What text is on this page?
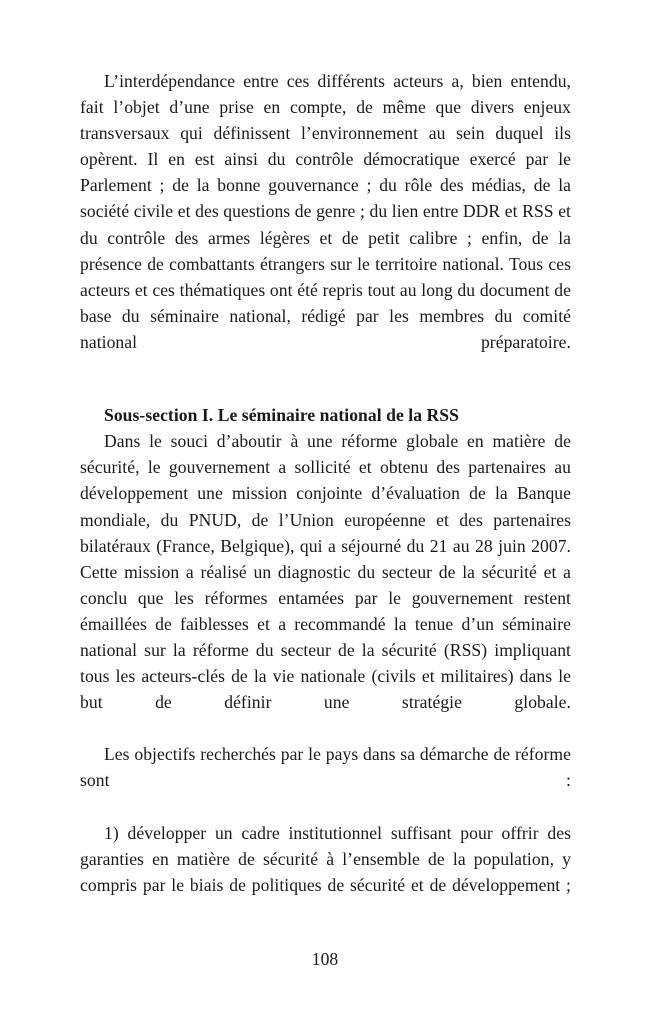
L’interdépendance entre ces différents acteurs a, bien entendu, fait l’objet d’une prise en compte, de même que divers enjeux transversaux qui définissent l’environnement au sein duquel ils opèrent. Il en est ainsi du contrôle démocratique exercé par le Parlement ; de la bonne gouvernance ; du rôle des médias, de la société civile et des questions de genre ; du lien entre DDR et RSS et du contrôle des armes légères et de petit calibre ; enfin, de la présence de combattants étrangers sur le territoire national. Tous ces acteurs et ces thématiques ont été repris tout au long du document de base du séminaire national, rédigé par les membres du comité national préparatoire.

Sous-section I. Le séminaire national de la RSS

Dans le souci d’aboutir à une réforme globale en matière de sécurité, le gouvernement a sollicité et obtenu des partenaires au développement une mission conjointe d’évaluation de la Banque mondiale, du PNUD, de l’Union européenne et des partenaires bilatéraux (France, Belgique), qui a séjourné du 21 au 28 juin 2007. Cette mission a réalisé un diagnostic du secteur de la sécurité et a conclu que les réformes entamées par le gouvernement restent émaillées de faiblesses et a recommandé la tenue d’un séminaire national sur la réforme du secteur de la sécurité (RSS) impliquant tous les acteurs-clés de la vie nationale (civils et militaires) dans le but de définir une stratégie globale.

Les objectifs recherchés par le pays dans sa démarche de réforme sont :

1) développer un cadre institutionnel suffisant pour offrir des garanties en matière de sécurité à l’ensemble de la population, y compris par le biais de politiques de sécurité et de développement ;

108
